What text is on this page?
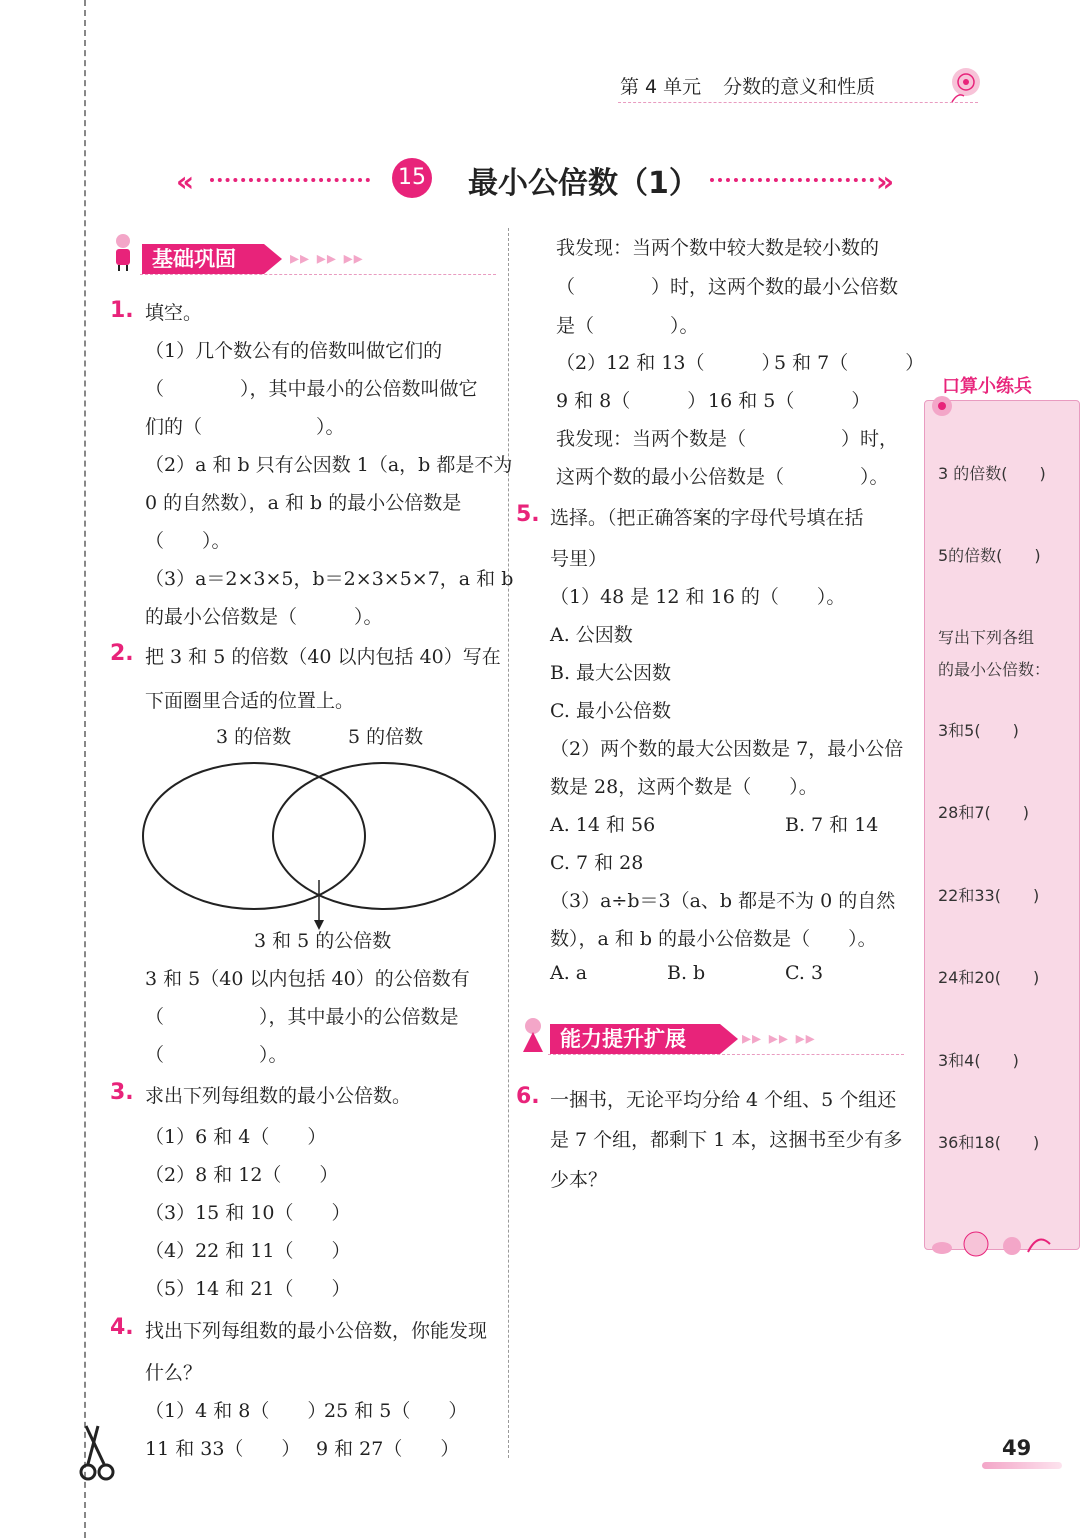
第 4 单元 分数的意义和性质
«	15 最小公倍数（1）	»
基础巩固	▸▸ ▸▸ ▸▸
1. 填空。
（1）几个数公有的倍数叫做它们的
（　　　　），其中最小的公倍数叫做它
们的（　　　　　　）。
（2）a 和 b 只有公因数 1（a，b 都是不为
0 的自然数），a 和 b 的最小公倍数是
（　　）。
（3）a＝2×3×5，b＝2×3×5×7，a 和 b
的最小公倍数是（　　　）。
2. 把 3 和 5 的倍数（40 以内包括 40）写在
下面圈里合适的位置上。
3 的倍数	5 的倍数
3 和 5 的公倍数
3 和 5（40 以内包括 40）的公倍数有
（　　　　　），其中最小的公倍数是
（　　　　　）。
3. 求出下列每组数的最小公倍数。
（1）6 和 4（　　）
（2）8 和 12（　　）
（3）15 和 10（　　）
（4）22 和 11（　　）
（5）14 和 21（　　）
4. 找出下列每组数的最小公倍数，你能发现
什么？
（1）4 和 8（　　）
25 和 5（　　）
11 和 33（　　） 9 和 27（　　）
我发现：当两个数中较大数是较小数的
（　　　　）时，这两个数的最小公倍数
是（　　　　）。
（2）12 和 13（　　　）
5 和 7（　　　）
9 和 8（　　　） 16 和 5（　　　）
我发现：当两个数是（　　　　　）时，
这两个数的最小公倍数是（　　　　）。
5. 选择。（把正确答案的字母代号填在括
号里）
（1）48 是 12 和 16 的（　　）。
A. 公因数
B. 最大公因数
C. 最小公倍数
（2）两个数的最大公因数是 7，最小公倍
数是 28，这两个数是（　　）。
A. 14 和 56	B. 7 和 14
C. 7 和 28
（3）a÷b＝3（a、b 都是不为 0 的自然
数），a 和 b 的最小公倍数是（　　）。
A. a	B. b	C. 3
能力提升扩展	▸▸ ▸▸ ▸▸
6. 一捆书，无论平均分给 4 个组、5 个组还
是 7 个组，都剩下 1 本，这捆书至少有多
少本？
口算小练兵
3 的倍数(　　)
5的倍数(　　)
写出下列各组
的最小公倍数：
3和5(　　)
28和7(　　)
22和33(　　)
24和20(　　)
3和4(　　)
36和18(　　)
49
